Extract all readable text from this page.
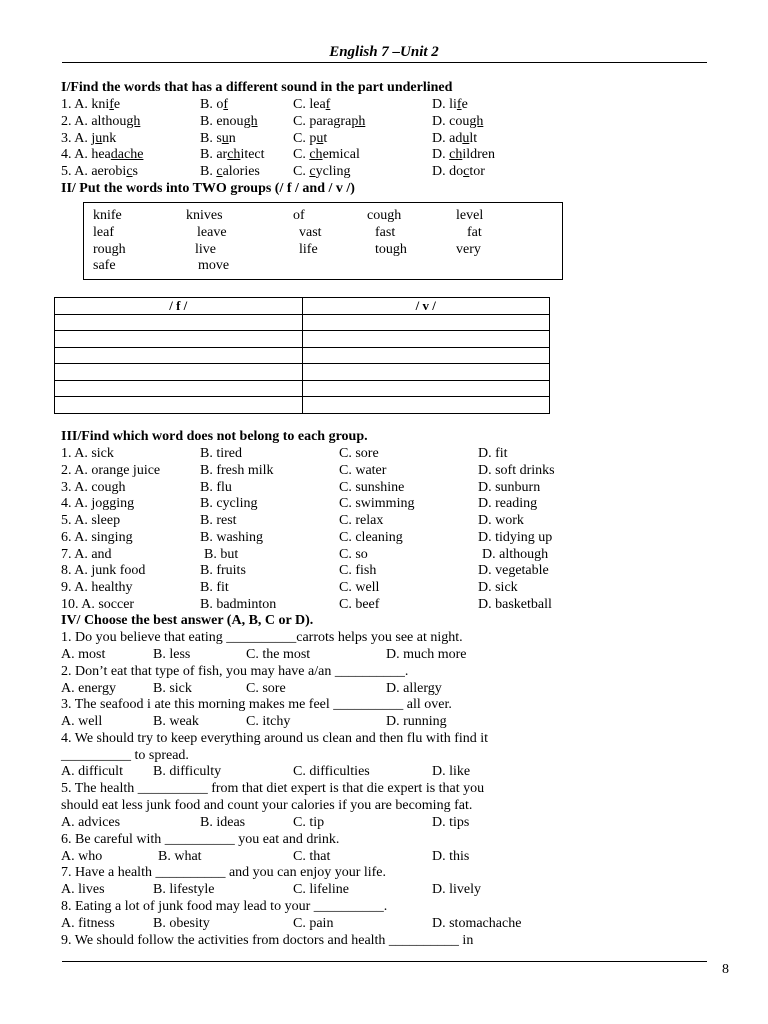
English 7 –Unit 2
I/Find the words that has a different sound in the part underlined
1. A. knife	B. of	C. leaf	D. life
2. A. although	B. enough	C. paragraph	D. cough
3. A. junk	B. sun	C. put	D. adult
4. A. headache	B. architect C. chemical	D. children
5. A. aerobics	B. calories C. cycling	D. doctor
II/ Put the words into TWO groups (/ f / and / v /)
knife	knives	of	cough	level
leaf	leave	vast	fast	fat
rough	live	life	tough	very
safe	move
/ f /	/ v /

III/Find which word does not belong to each group.
1. A. sick	B. tired	C. sore	D. fit
2. A. orange juice	B. fresh milk	C. water	D. soft drinks
3. A. cough	B. flu	C. sunshine	D. sunburn
4. A. jogging	B. cycling	C. swimming	D. reading
5. A. sleep	B. rest	C. relax	D. work
6. A. singing	B. washing	C. cleaning	D. tidying up
7. A. and	B. but	C. so	D. although
8. A. junk food	B. fruits	C. fish	D. vegetable
9. A. healthy	B. fit	C. well	D. sick
10. A. soccer	B. badminton	C. beef	D. basketball
IV/ Choose the best answer (A, B, C or D).
1. Do you believe that eating __________carrots helps you see at night.
A. most	B. less	C. the most	D. much more
2. Don’t eat that type of fish, you may have a/an __________.
A. energy	B. sick	C. sore	D. allergy
3. The seafood i ate this morning makes me feel __________ all over.
A. well	B. weak	C. itchy	D. running
4. We should try to keep everything around us clean and then flu with find it
__________ to spread.
A. difficult B. difficulty	C. difficulties	D. like
5. The health __________ from that diet expert is that die expert is that you
should eat less junk food and count your calories if you are becoming fat.
A. advices	B. ideas	C. tip	D. tips
6. Be careful with __________ you eat and drink.
A. who	B. what	C. that	D. this
7. Have a health __________ and you can enjoy your life.
A. lives	B. lifestyle	C. lifeline	D. lively
8. Eating a lot of junk food may lead to your __________.
A. fitness	B. obesity	C. pain	D. stomachache
9. We should follow the activities from doctors and health __________ in
8
